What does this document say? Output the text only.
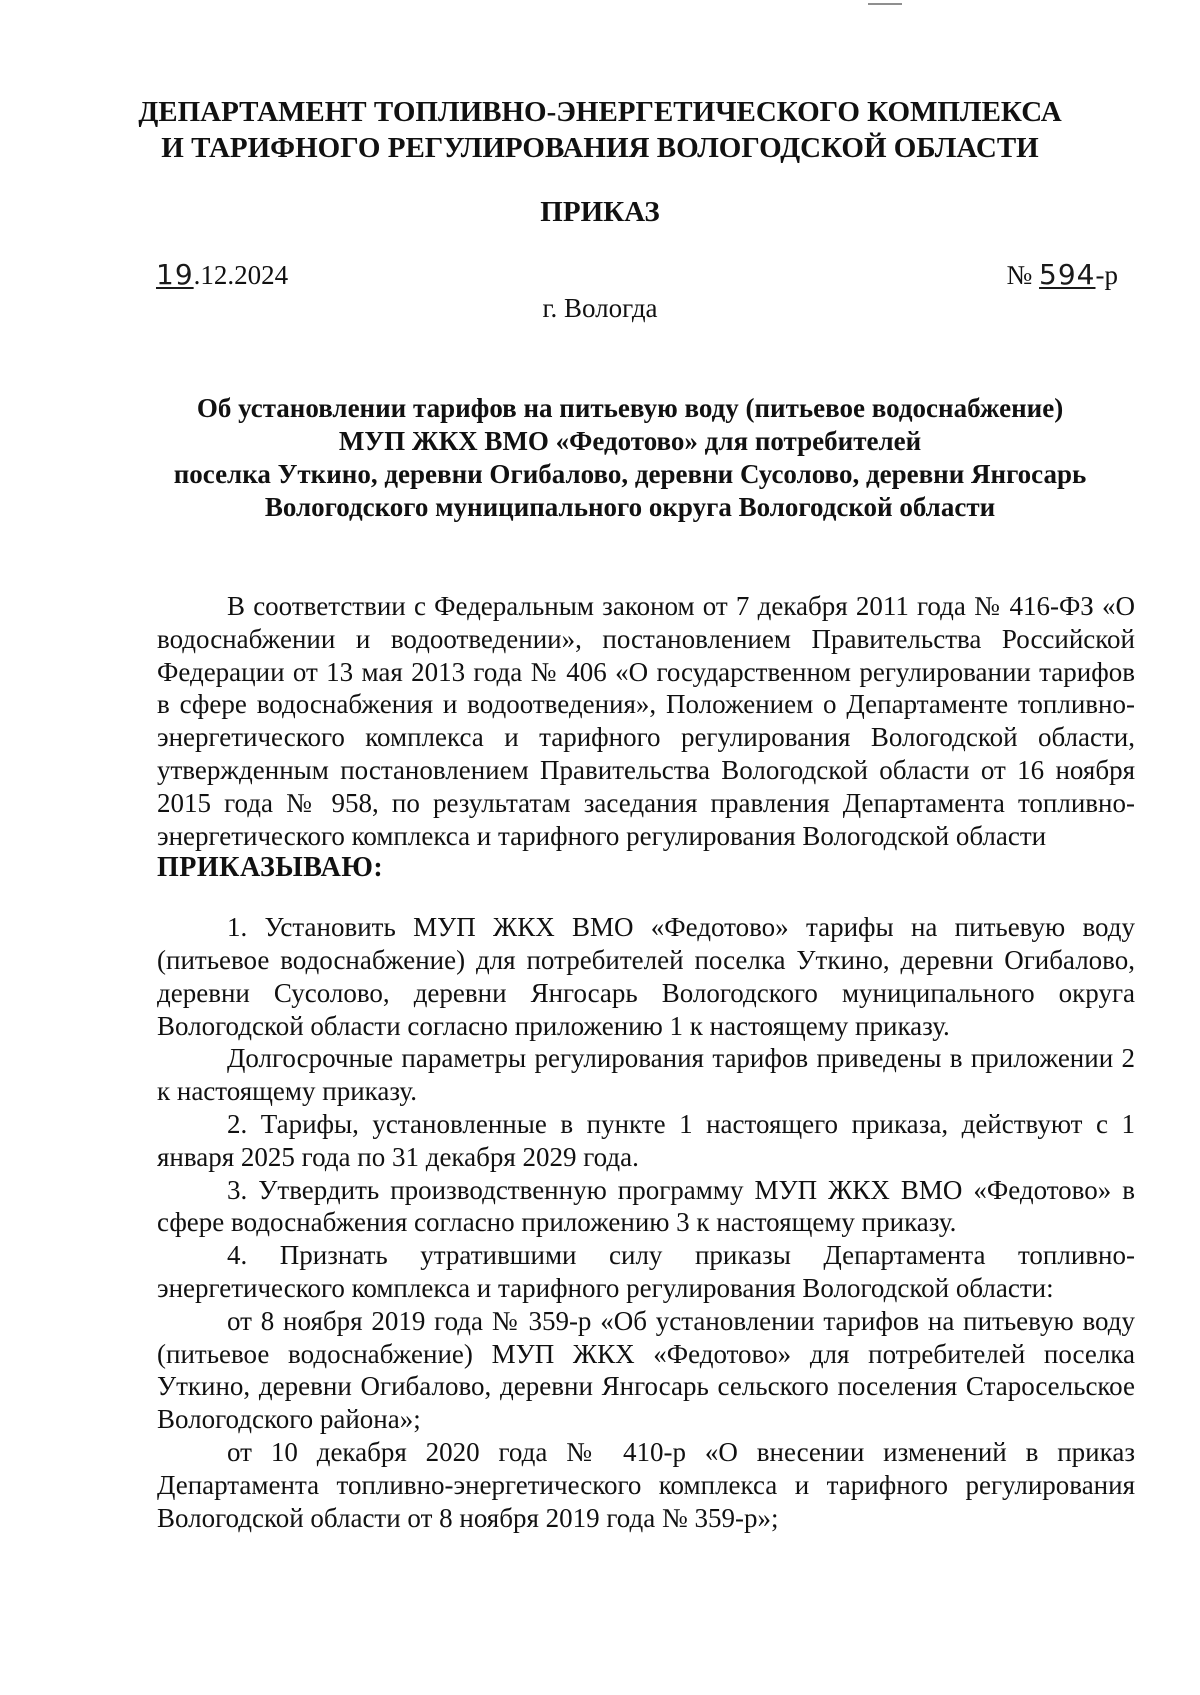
ДЕПАРТАМЕНТ ТОПЛИВНО-ЭНЕРГЕТИЧЕСКОГО КОМПЛЕКСА
И ТАРИФНОГО РЕГУЛИРОВАНИЯ ВОЛОГОДСКОЙ ОБЛАСТИ
ПРИКАЗ
19.12.2024	№ 594-р
г. Вологда
Об установлении тарифов на питьевую воду (питьевое водоснабжение)
МУП ЖКХ ВМО «Федотово» для потребителей
поселка Уткино, деревни Огибалово, деревни Сусолово, деревни Янгосарь
Вологодского муниципального округа Вологодской области

В соответствии с Федеральным законом от 7 декабря 2011 года № 416-ФЗ «О водоснабжении и водоотведении», постановлением Правительства Российской Федерации от 13 мая 2013 года № 406 «О государственном регулировании тарифов в сфере водоснабжения и водоотведения», Положением о Департаменте топливно-энергетического комплекса и тарифного регулирования Вологодской области, утвержденным постановлением Правительства Вологодской области от 16 ноября 2015 года № 958, по результатам заседания правления Департамента топливно-энергетического комплекса и тарифного регулирования Вологодской области

ПРИКАЗЫВАЮ:

1. Установить МУП ЖКХ ВМО «Федотово» тарифы на питьевую воду (питьевое водоснабжение) для потребителей поселка Уткино, деревни Огибалово, деревни Сусолово, деревни Янгосарь Вологодского муниципального округа Вологодской области согласно приложению 1 к настоящему приказу.

Долгосрочные параметры регулирования тарифов приведены в приложении 2 к настоящему приказу.

2. Тарифы, установленные в пункте 1 настоящего приказа, действуют с 1 января 2025 года по 31 декабря 2029 года.

3. Утвердить производственную программу МУП ЖКХ ВМО «Федотово» в сфере водоснабжения согласно приложению 3 к настоящему приказу.

4. Признать утратившими силу приказы Департамента топливно-энергетического комплекса и тарифного регулирования Вологодской области:

от 8 ноября 2019 года № 359-р «Об установлении тарифов на питьевую воду (питьевое водоснабжение) МУП ЖКХ «Федотово» для потребителей поселка Уткино, деревни Огибалово, деревни Янгосарь сельского поселения Старосельское Вологодского района»;

от 10 декабря 2020 года № 410-р «О внесении изменений в приказ Департамента топливно-энергетического комплекса и тарифного регулирования Вологодской области от 8 ноября 2019 года № 359-р»;
